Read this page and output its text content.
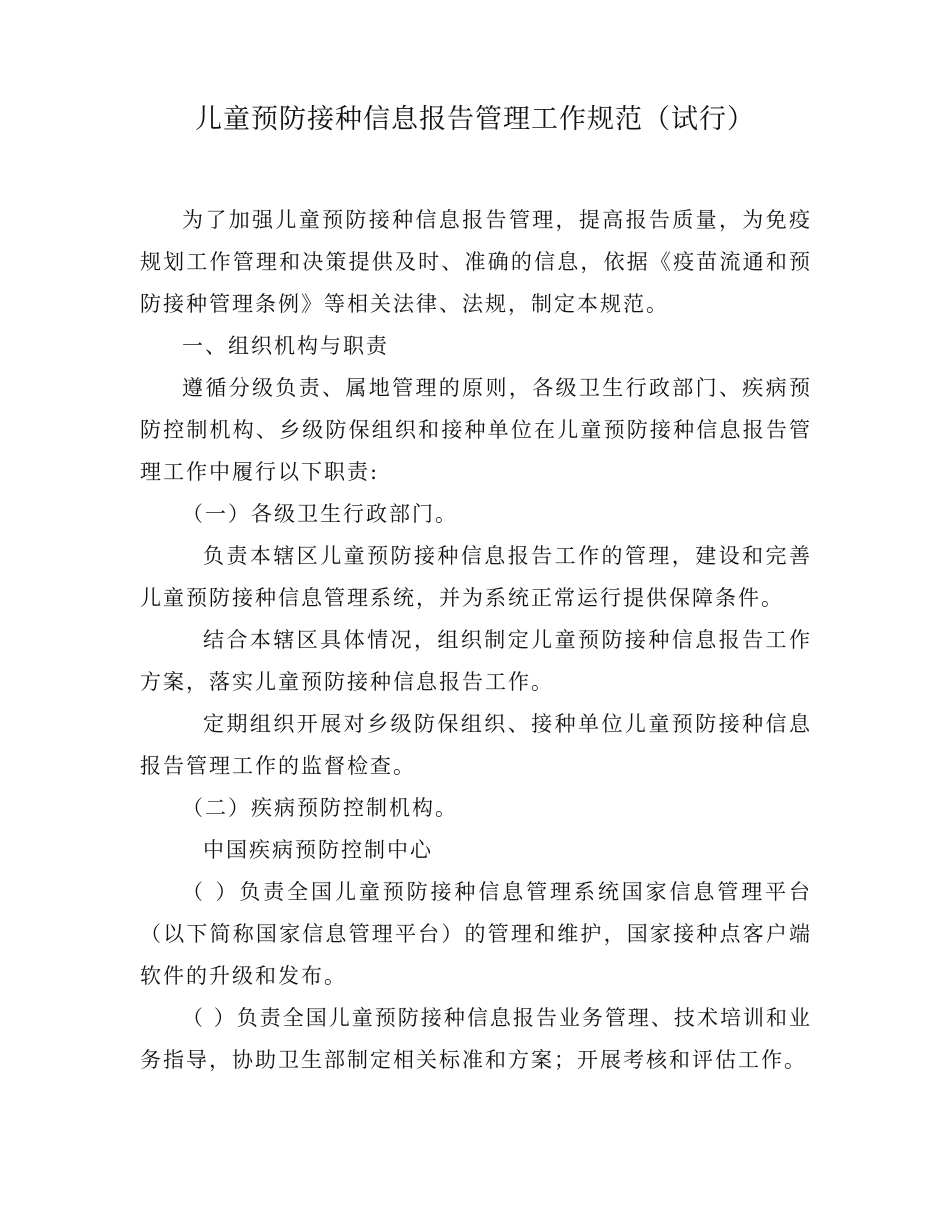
儿童预防接种信息报告管理工作规范（试行）

为了加强儿童预防接种信息报告管理，提高报告质量，为免疫规划工作管理和决策提供及时、准确的信息，依据《疫苗流通和预防接种管理条例》等相关法律、法规，制定本规范。

一、组织机构与职责

遵循分级负责、属地管理的原则，各级卫生行政部门、疾病预防控制机构、乡级防保组织和接种单位在儿童预防接种信息报告管理工作中履行以下职责:

（一）各级卫生行政部门。

负责本辖区儿童预防接种信息报告工作的管理，建设和完善儿童预防接种信息管理系统，并为系统正常运行提供保障条件。

结合本辖区具体情况，组织制定儿童预防接种信息报告工作方案，落实儿童预防接种信息报告工作。

定期组织开展对乡级防保组织、接种单位儿童预防接种信息报告管理工作的监督检查。

（二）疾病预防控制机构。

中国疾病预防控制中心

（ ）负责全国儿童预防接种信息管理系统国家信息管理平台（以下简称国家信息管理平台）的管理和维护，国家接种点客户端软件的升级和发布。

（ ）负责全国儿童预防接种信息报告业务管理、技术培训和业务指导，协助卫生部制定相关标准和方案；开展考核和评估工作。
